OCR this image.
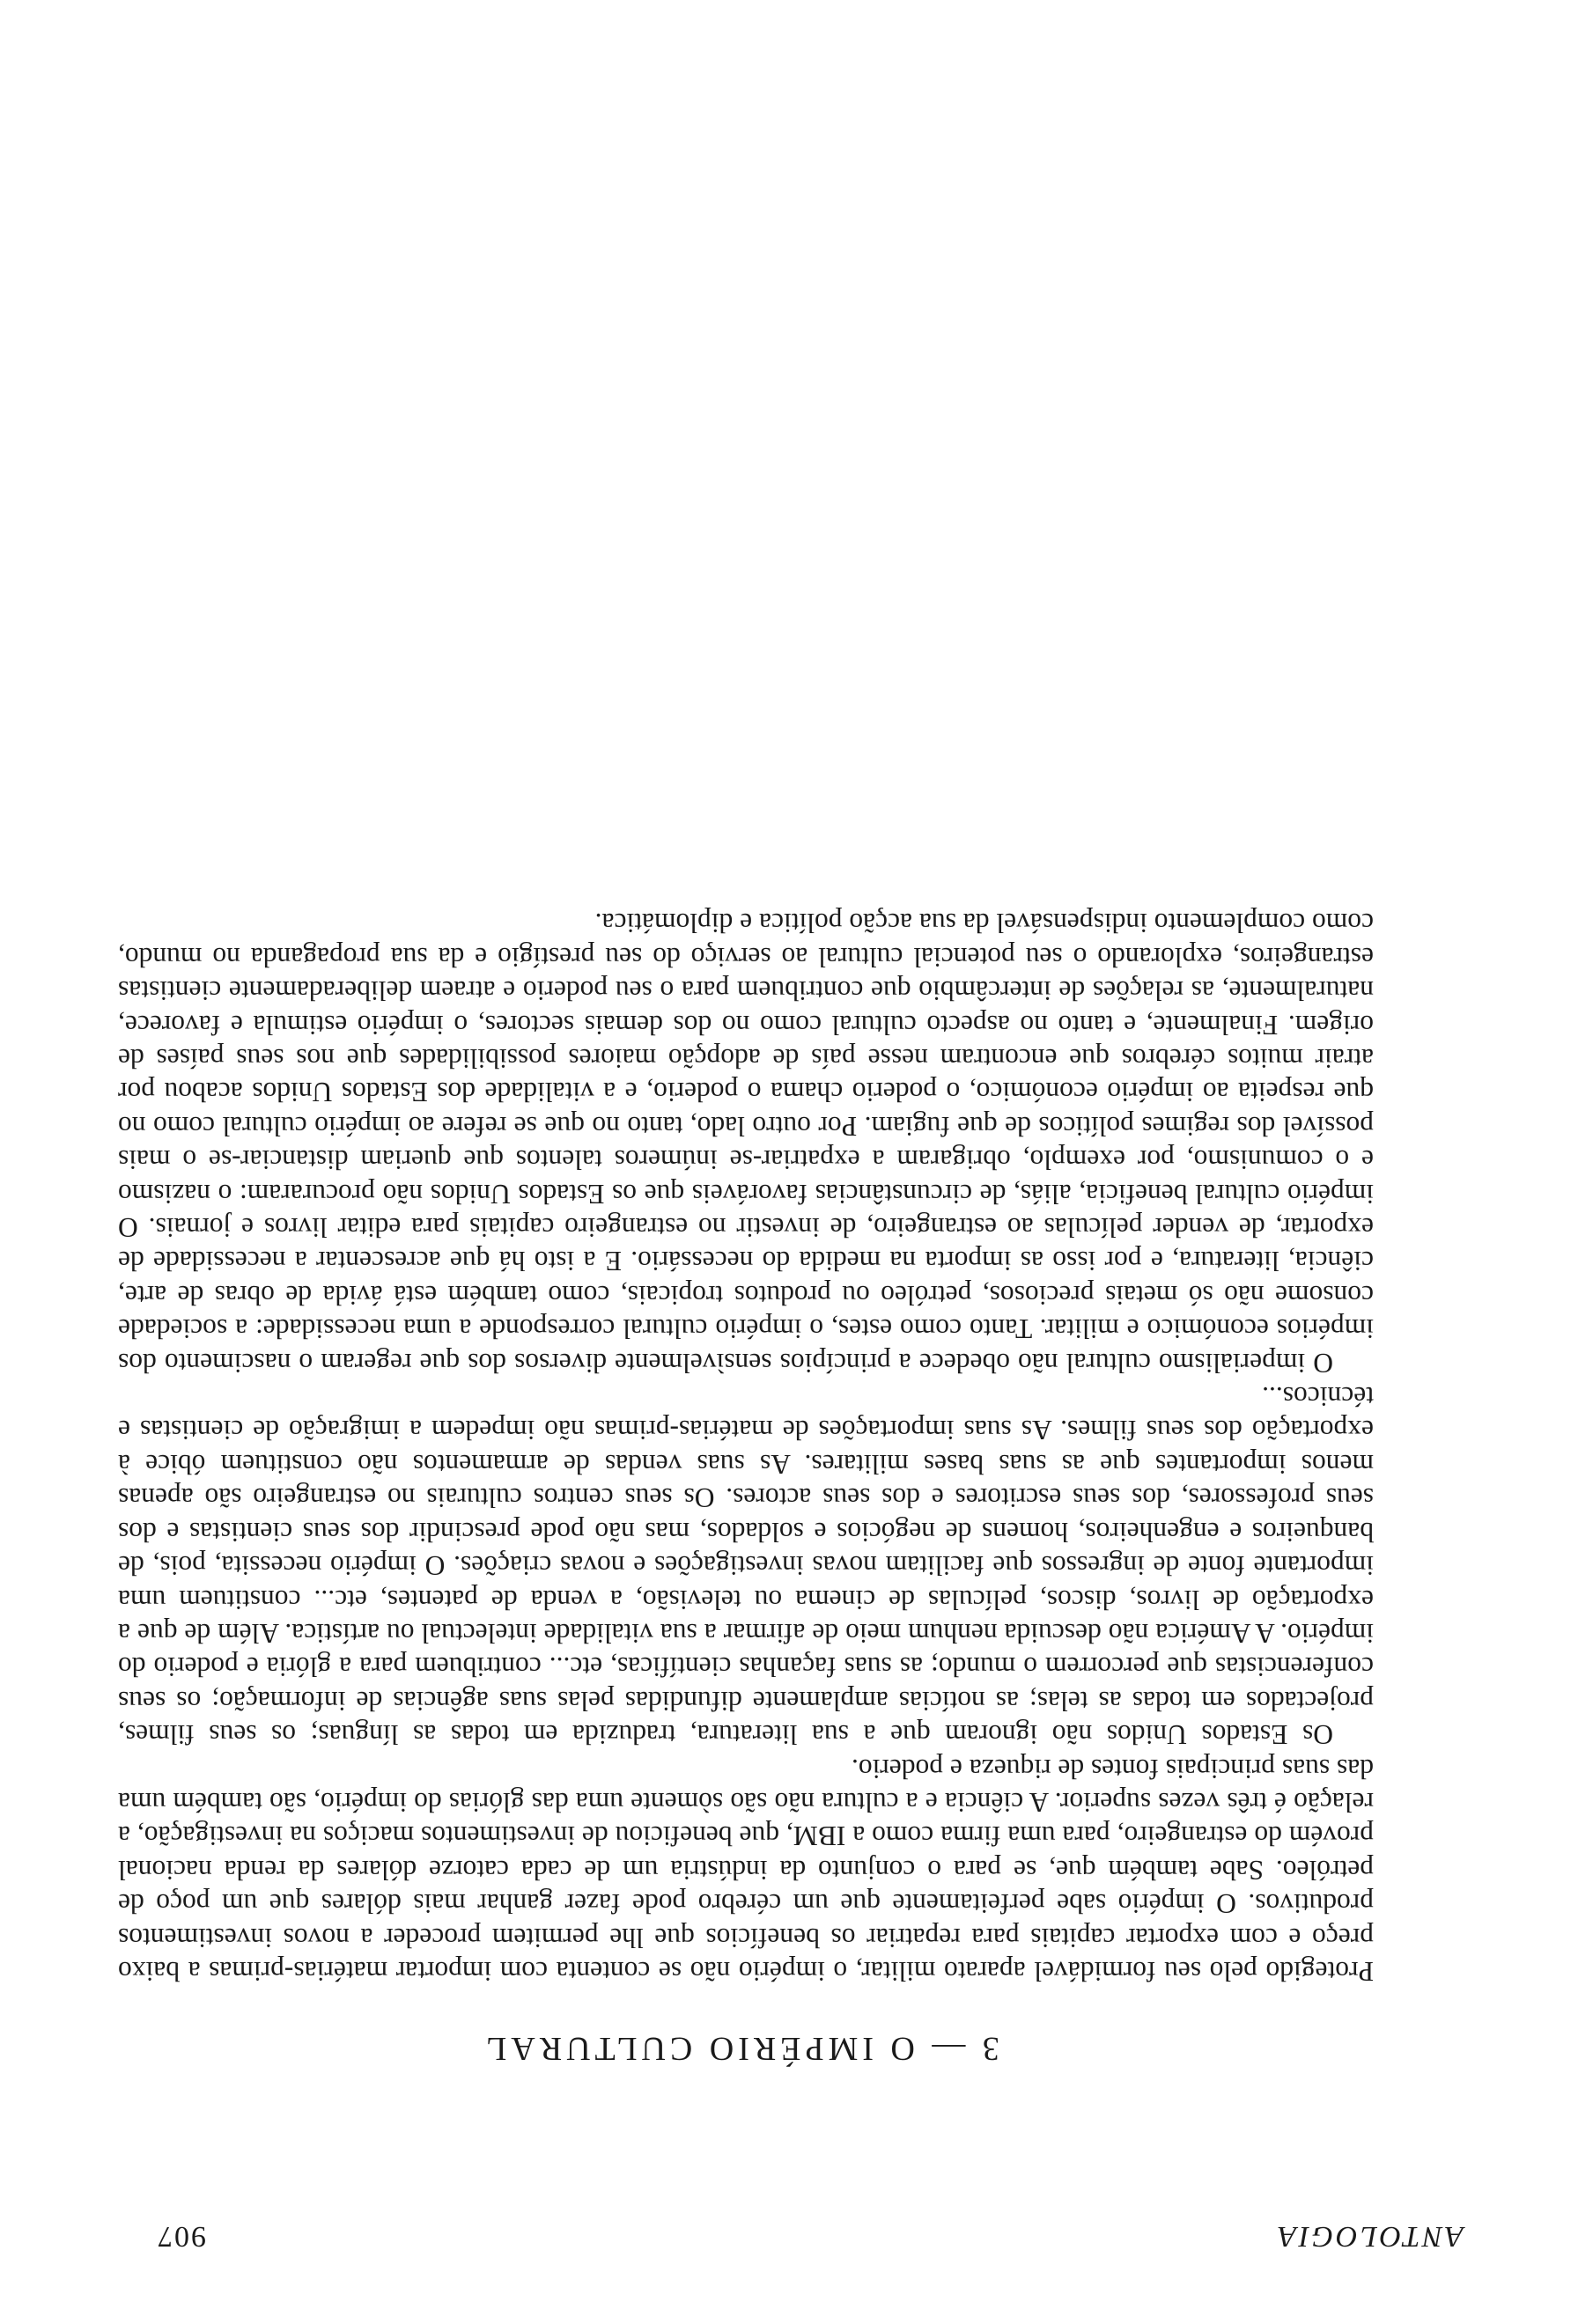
ANTOLOGIA
907
3 — O IMPÉRIO CULTURAL

Protegido pelo seu formidável aparato militar, o império não se contenta com importar matérias-primas a baixo preço e com exportar capitais para repatriar os benefícios que lhe permitem proceder a novos investimentos produtivos. O império sabe perfeitamente que um cérebro pode fazer ganhar mais dólares que um poço de petróleo. Sabe também que, se para o conjunto da indústria um de cada catorze dólares da renda nacional provém do estrangeiro, para uma firma como a IBM, que beneficiou de investimentos maciços na investigação, a relação é três vezes superior. A ciência e a cultura não são sòmente uma das glórias do império, são também uma das suas principais fontes de riqueza e poderio.

Os Estados Unidos não ignoram que a sua literatura, traduzida em todas as línguas; os seus filmes, projectados em todas as telas; as notícias amplamente difundidas pelas suas agências de informação; os seus conferencistas que percorrem o mundo; as suas façanhas científicas, etc... contribuem para a glória e poderio do império. A América não descuida nenhum meio de afirmar a sua vitalidade intelectual ou artística. Além de que a exportação de livros, discos, películas de cinema ou televisão, a venda de patentes, etc... constituem uma importante fonte de ingressos que facilitam novas investigações e novas criações. O império necessita, pois, de banqueiros e engenheiros, homens de negócios e soldados, mas não pode prescindir dos seus cientistas e dos seus professores, dos seus escritores e dos seus actores. Os seus centros culturais no estrangeiro são apenas menos importantes que as suas bases militares. As suas vendas de armamentos não constituem óbice à exportação dos seus filmes. As suas importações de matérias-primas não impedem a imigração de cientistas e técnicos...

O imperialismo cultural não obedece a princípios sensìvelmente diversos dos que regeram o nascimento dos impérios económico e militar. Tanto como estes, o império cultural corresponde a uma necessidade: a sociedade consome não só metais preciosos, petróleo ou produtos tropicais, como também está ávida de obras de arte, ciência, literatura, e por isso as importa na medida do necessário. E a isto há que acrescentar a necessidade de exportar, de vender películas ao estrangeiro, de investir no estrangeiro capitais para editar livros e jornais. O império cultural beneficia, aliás, de circunstâncias favoráveis que os Estados Unidos não procuraram: o nazismo e o comunismo, por exemplo, obrigaram a expatriar-se inúmeros talentos que queriam distanciar-se o mais possível dos regimes políticos de que fugiam. Por outro lado, tanto no que se refere ao império cultural como no que respeita ao império económico, o poderio chama o poderio, e a vitalidade dos Estados Unidos acabou por atrair muitos cérebros que encontram nesse país de adopção maiores possibilidades que nos seus países de origem. Finalmente, e tanto no aspecto cultural como no dos demais sectores, o império estimula e favorece, naturalmente, as relações de intercâmbio que contribuem para o seu poderio e atraem deliberadamente cientistas estrangeiros, explorando o seu potencial cultural ao serviço do seu prestígio e da sua propaganda no mundo, como complemento indispensável da sua acção política e diplomática.
